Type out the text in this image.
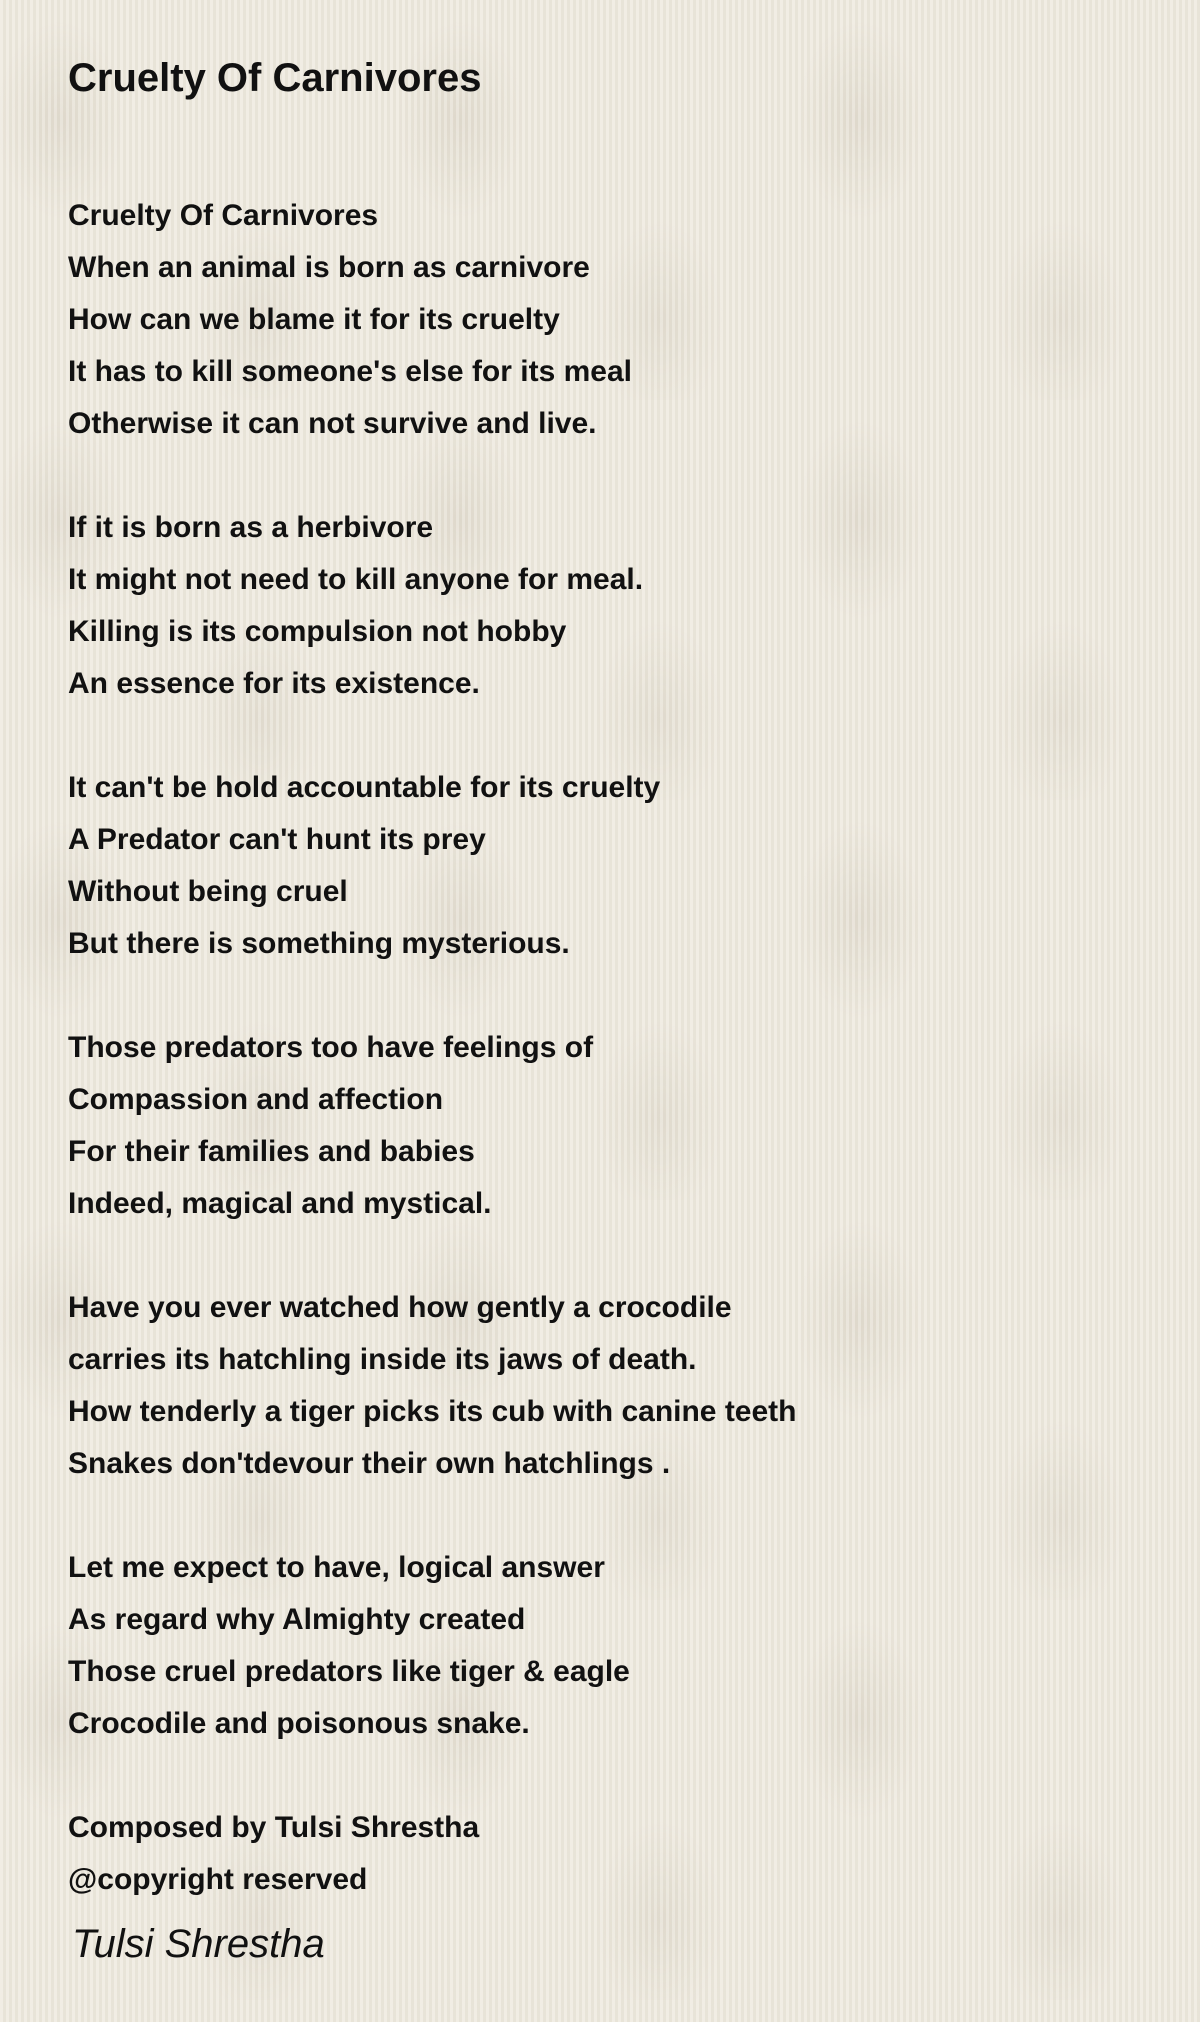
Cruelty Of Carnivores
Cruelty Of Carnivores
When an animal is born as carnivore
How can we blame it for its cruelty
It has to kill someone's else for its meal
Otherwise it can not survive and live.
If it is born as a herbivore
It might not need to kill anyone for meal.
Killing is its compulsion not hobby
An essence for its existence.
It can't be hold accountable for its cruelty
A Predator can't hunt its prey
Without being cruel
But there is something mysterious.
Those predators too have feelings of
Compassion and affection
For their families and babies
Indeed, magical and mystical.
Have you ever watched how gently a crocodile
carries its hatchling inside its jaws of death.
How tenderly a tiger picks its cub with canine teeth
Snakes don'tdevour their own hatchlings .
Let me expect to have, logical answer
As regard why Almighty created
Those cruel predators like tiger & eagle
Crocodile and poisonous snake.
Composed by Tulsi Shrestha
@copyright reserved
Tulsi Shrestha
